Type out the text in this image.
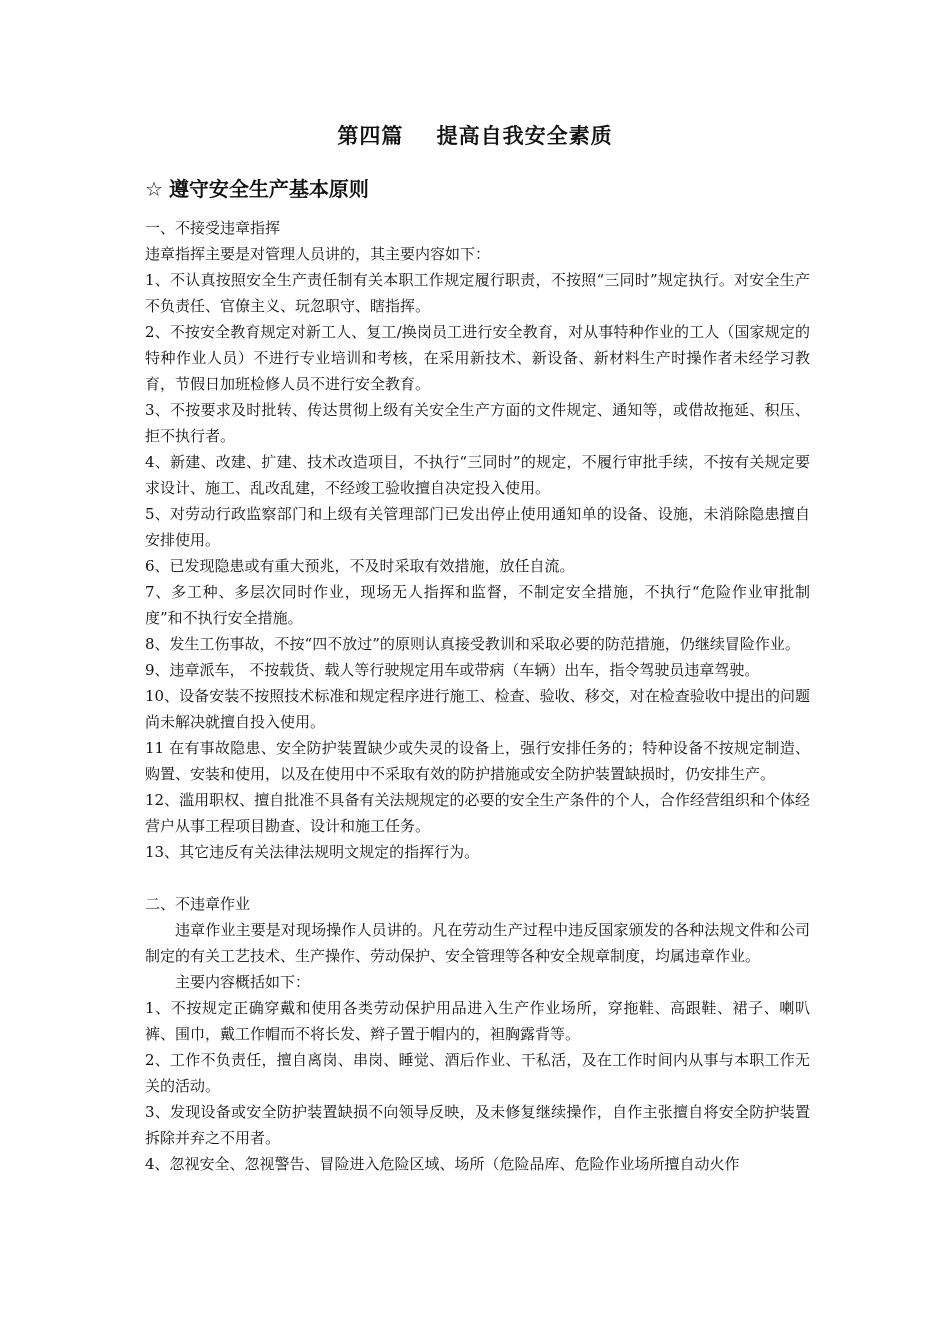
第四篇    提高自我安全素质
☆ 遵守安全生产基本原则

一、不接受违章指挥

违章指挥主要是对管理人员讲的，其主要内容如下：

1、不认真按照安全生产责任制有关本职工作规定履行职责，不按照“三同时”规定执行。对安全生产不负责任、官僚主义、玩忽职守、瞎指挥。

2、不按安全教育规定对新工人、复工/换岗员工进行安全教育，对从事特种作业的工人（国家规定的特种作业人员）不进行专业培训和考核，在采用新技术、新设备、新材料生产时操作者未经学习教育，节假日加班检修人员不进行安全教育。

3、不按要求及时批转、传达贯彻上级有关安全生产方面的文件规定、通知等，或借故拖延、积压、拒不执行者。

4、新建、改建、扩建、技术改造项目，不执行“三同时”的规定，不履行审批手续，不按有关规定要求设计、施工、乱改乱建，不经竣工验收擅自决定投入使用。

5、对劳动行政监察部门和上级有关管理部门已发出停止使用通知单的设备、设施，未消除隐患擅自安排使用。

6、已发现隐患或有重大预兆，不及时采取有效措施，放任自流。

7、多工种、多层次同时作业，现场无人指挥和监督，不制定安全措施，不执行“危险作业审批制度”和不执行安全措施。

8、发生工伤事故，不按“四不放过”的原则认真接受教训和采取必要的防范措施，仍继续冒险作业。

9、违章派车， 不按载货、载人等行驶规定用车或带病（车辆）出车，指令驾驶员违章驾驶。

10、设备安装不按照技术标准和规定程序进行施工、检查、验收、移交，对在检查验收中提出的问题尚未解决就擅自投入使用。

11 在有事故隐患、安全防护装置缺少或失灵的设备上，强行安排任务的；特种设备不按规定制造、购置、安装和使用，以及在使用中不采取有效的防护措施或安全防护装置缺损时，仍安排生产。

12、滥用职权、擅自批准不具备有关法规规定的必要的安全生产条件的个人，合作经营组织和个体经营户从事工程项目勘查、设计和施工任务。

13、其它违反有关法律法规明文规定的指挥行为。

二、不违章作业

违章作业主要是对现场操作人员讲的。凡在劳动生产过程中违反国家颁发的各种法规文件和公司制定的有关工艺技术、生产操作、劳动保护、安全管理等各种安全规章制度，均属违章作业。

主要内容概括如下：

1、不按规定正确穿戴和使用各类劳动保护用品进入生产作业场所，穿拖鞋、高跟鞋、裙子、喇叭裤、围巾，戴工作帽而不将长发、辫子置于帽内的，袒胸露背等。

2、工作不负责任，擅自离岗、串岗、睡觉、酒后作业、干私活，及在工作时间内从事与本职工作无关的活动。

3、发现设备或安全防护装置缺损不向领导反映，及未修复继续操作，自作主张擅自将安全防护装置拆除并弃之不用者。

4、忽视安全、忽视警告、冒险进入危险区域、场所（危险品库、危险作业场所擅自动火作
